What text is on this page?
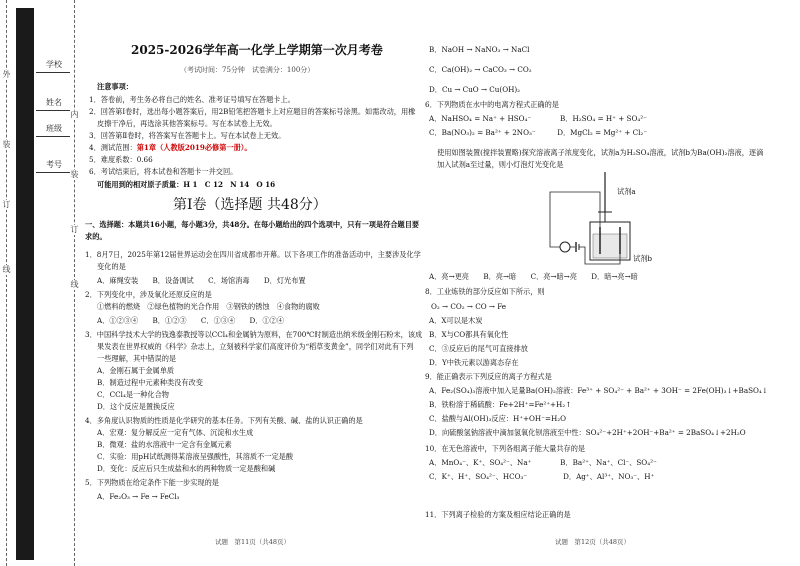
外
装
订
线
内
装
订
线
学校
姓名
班级
考号
2025-2026学年高一化学上学期第一次月考卷
（考试时间：75分钟　试卷满分：100分）
注意事项：
1．答卷前，考生务必将自己的姓名、准考证号填写在答题卡上。
2．回答第Ⅰ卷时，选出每小题答案后，用2B铅笔把答题卡上对应题目的答案标号涂黑。如需改动，用橡
皮擦干净后，再选涂其他答案标号。写在本试卷上无效。
3．回答第Ⅱ卷时，将答案写在答题卡上。写在本试卷上无效。
4．测试范围：第1章（人教版2019必修第一册）。
5．难度系数：0.66
6．考试结束后，将本试卷和答题卡一并交回。
可能用到的相对原子质量：H 1　C 12　N 14　O 16
第Ⅰ卷（选择题 共48分）
一、选择题：本题共16小题，每小题3分，共48分。在每小题给出的四个选项中，只有一项是符合题目要
求的。
1．8月7日，2025年第12届世界运动会在四川省成都市开幕。以下各项工作的准备活动中，主要涉及化学
变化的是
A．麻绳安装　　B．设备调试　　C．场馆消毒　　D．灯光布置
2．下列变化中，涉及氧化还原反应的是
①燃料的燃烧　②绿色植物的光合作用　③钢铁的锈蚀　④食物的腐败
A．①②③④　　B．①②③　　C．①③④　　D．①②④
3．中国科学技术大学的钱逸泰教授等以CCl₄和金属钠为原料，在700℃时制造出纳米级金刚石粉末，该成
果发表在世界权威的《科学》杂志上，立刻被科学家们高度评价为“稻草变黄金”，同学们对此有下列
一些理解，其中错误的是
A．金刚石属于金属单质
B．制造过程中元素种类没有改变
C．CCl₄是一种化合物
D．这个反应是置换反应
4．多角度认识物质的性质是化学研究的基本任务。下列有关酸、碱、盐的认识正确的是
A．宏观：复分解反应一定有气体、沉淀和水生成
B．微观：盐的水溶液中一定含有金属元素
C．实验：用pH试纸测得某溶液呈强酸性，其溶质不一定是酸
D．变化：反应后只生成盐和水的两种物质一定是酸和碱
5．下列物质在给定条件下能一步实现的是
A．Fe₂O₃ → Fe → FeCl₃
试题　第11页（共48页）
B．NaOH → NaNO₃ → NaCl
C．Ca(OH)₂ → CaCO₃ → CO₂
D．Cu → CuO → Cu(OH)₂
6．下列物质在水中的电离方程式正确的是
A．NaHSO₄ = Na⁺ + HSO₄⁻　　　　B．H₂SO₄ = H⁺ + SO₄²⁻
C．Ba(NO₃)₂ = Ba²⁺ + 2NO₃⁻　　　D．MgCl₂ = Mg²⁺ + Cl₂⁻
使用如图装置(搅拌装置略)探究溶液离子浓度变化，试剂a为H₂SO₄溶液，试剂b为Ba(OH)₂溶液，逐滴
加入试剂a至过量，则小灯泡灯光变化是
A．亮→更亮　　B．亮→暗　　C．亮→暗→亮　　D．暗→亮→暗
8．工业炼铁的部分反应如下所示，则
O₂ → CO₂ → CO → Fe
A．X可以是木炭
B．X与CO都具有氧化性
C．③反应后的尾气可直接排放
D．Y中铁元素以游离态存在
9．能正确表示下列反应的离子方程式是
A．Fe₂(SO₄)₃溶液中加入足量Ba(OH)₂溶液：Fe³⁺ + SO₄²⁻ + Ba²⁺ + 3OH⁻ = 2Fe(OH)₃↓+BaSO₄↓
B．铁粉溶于稀硫酸：Fe+2H⁺=Fe²⁺+H₂↑
C．盐酸与Al(OH)₃反应：H⁺+OH⁻=H₂O
D．向硫酸氢钠溶液中滴加氢氧化钡溶液至中性：SO₄²⁻+2H⁺+2OH⁻+Ba²⁺ = 2BaSO₄↓+2H₂O
10．在无色溶液中，下列各组离子能大量共存的是
A．MnO₄⁻、K⁺、SO₄²⁻、Na⁺　　　　B．Ba²⁺、Na⁺、Cl⁻、SO₄²⁻
C．K⁺、H⁺、SO₄²⁻、HCO₃⁻　　　　　D．Ag⁺、Al³⁺、NO₃⁻、H⁺
11．下列离子检验的方案及相应结论正确的是
试剂a
试剂b
试题　第12页（共48页）
